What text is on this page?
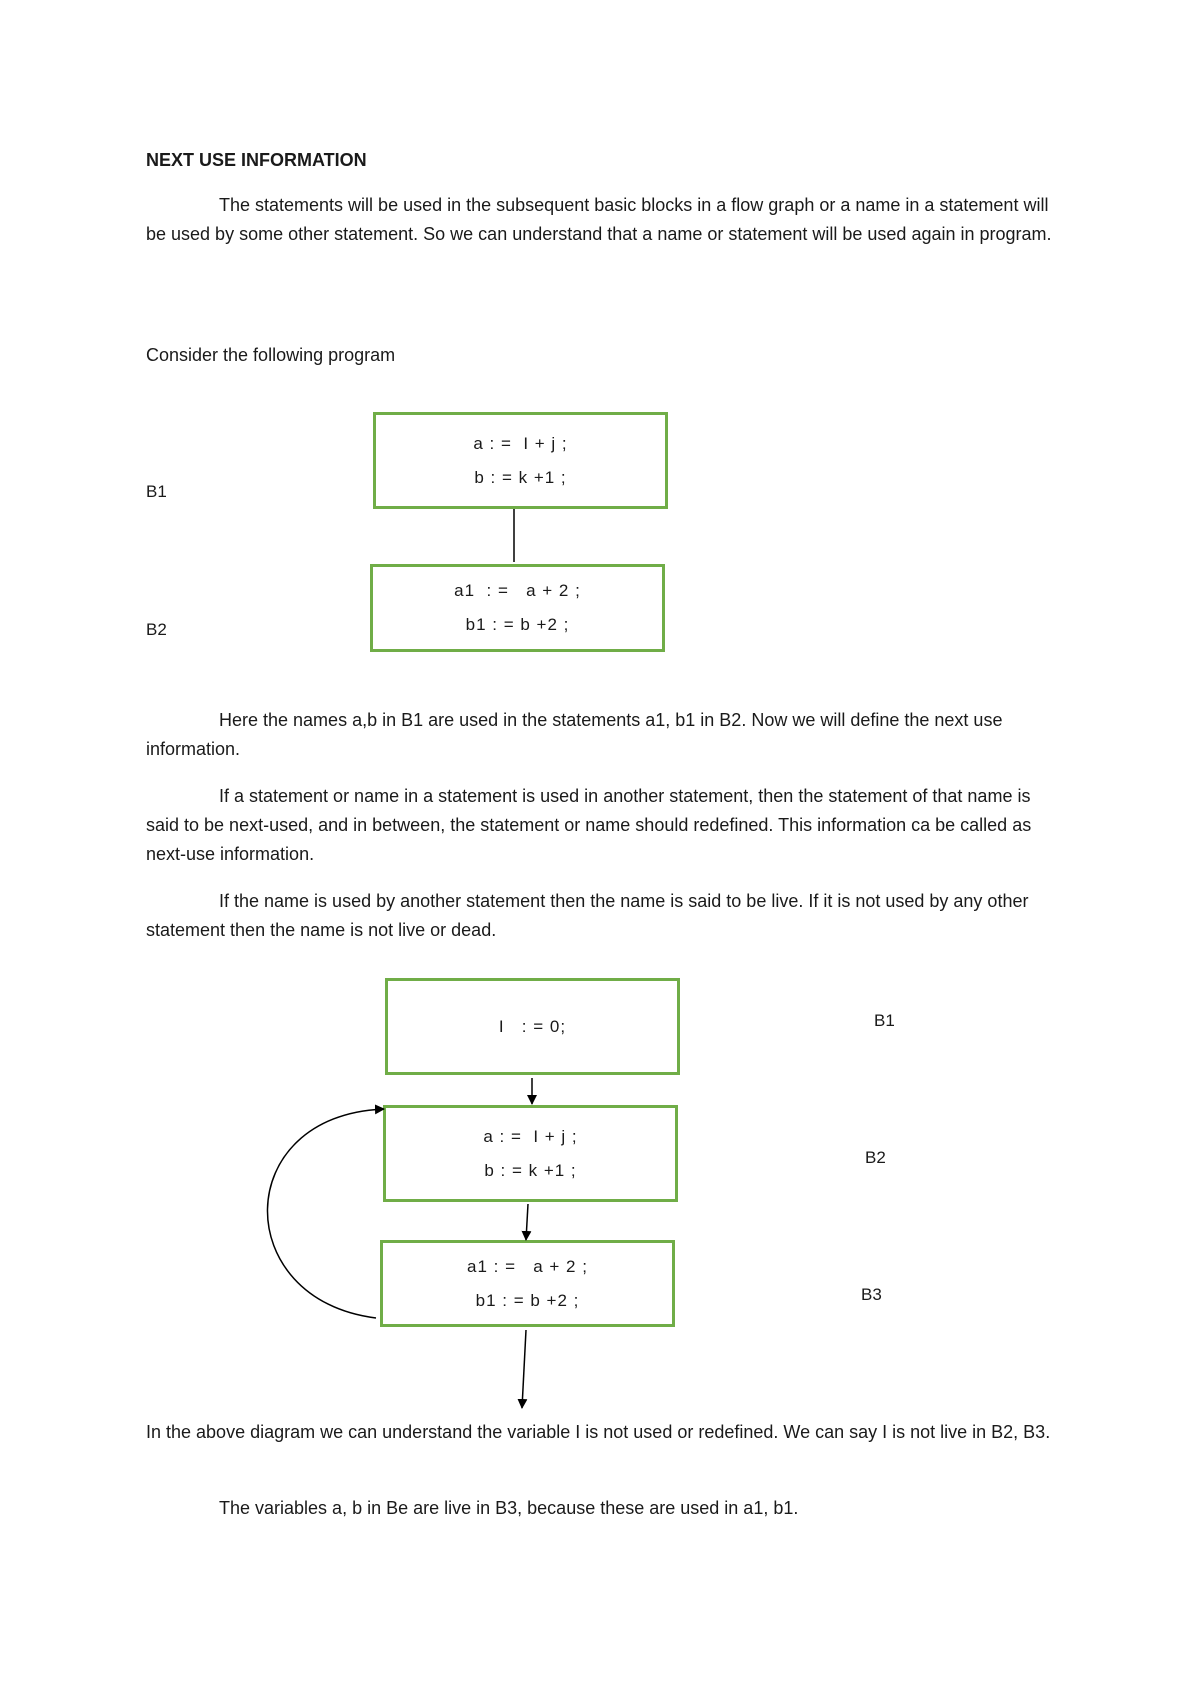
NEXT USE INFORMATION

The statements will be used in the subsequent basic blocks in a flow graph or a name in a statement will be used by some other statement. So we can understand that a name or statement will be used again in program.

Consider the following program

B1
a : =  I + j ;
b : = k +1 ;
B2
a1  : =   a + 2 ;
b1 : = b +2 ;

Here the names a,b in B1 are used in the statements a1, b1 in B2. Now we will define the next use information.

If a statement or name in a statement is used in another statement, then the statement of that name is said to be next-used, and in between, the statement or name should redefined. This information ca be called as next-use information.

If the name is used by another statement then the name is said to be live. If it is not used by any other statement then the name is not live or dead.

I   : = 0;	B1
a : =  I + j ;
b : = k +1 ;
B2
a1 : =   a + 2 ;
b1 : = b +2 ;	B3

In the above diagram we can understand the variable I is not used or redefined. We can say I is not live in B2, B3.

The variables a, b in Be are live in B3, because these are used in a1, b1.
